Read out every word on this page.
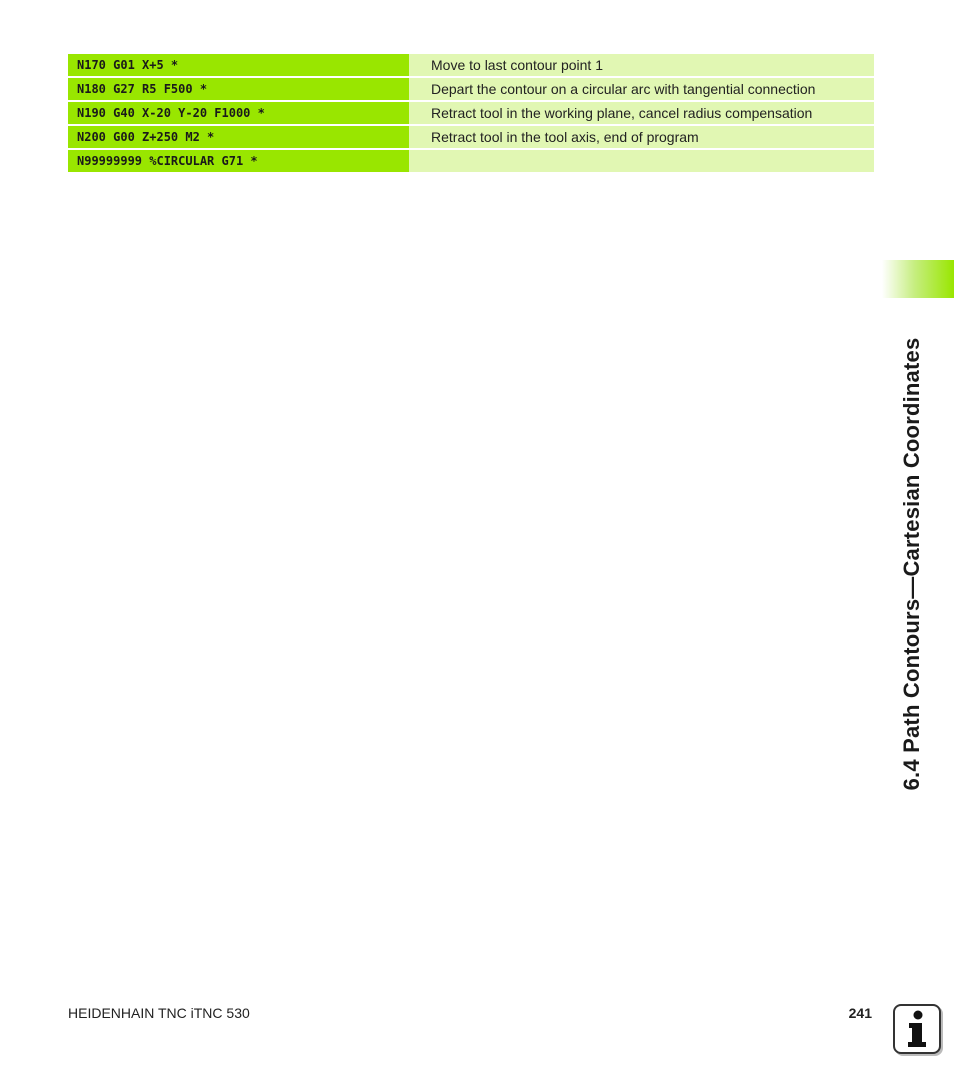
N170 G01 X+5 *	Move to last contour point 1
N180 G27 R5 F500 *	Depart the contour on a circular arc with tangential connection
N190 G40 X-20 Y-20 F1000 *	Retract tool in the working plane, cancel radius compensation
N200 G00 Z+250 M2 *	Retract tool in the tool axis, end of program
N99999999 %CIRCULAR G71 *
6.4 Path Contours—Cartesian Coordinates
HEIDENHAIN TNC iTNC 530	241
